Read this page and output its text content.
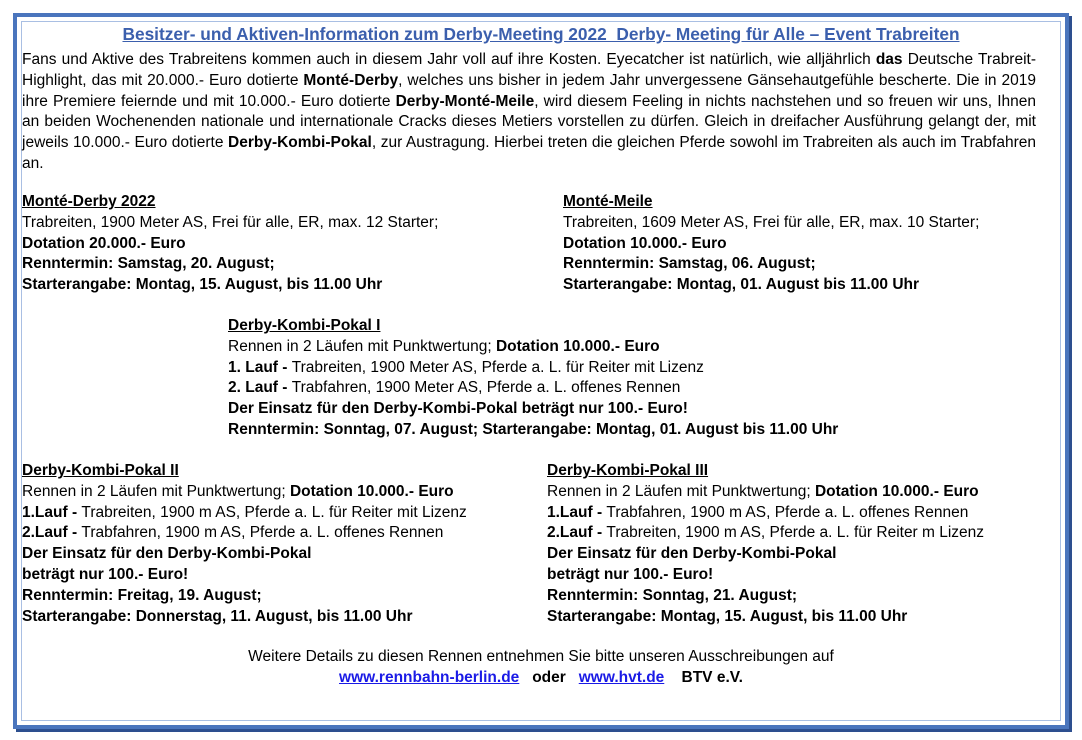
Besitzer- und Aktiven-Information zum Derby-Meeting 2022  Derby- Meeting für Alle – Event Trabreiten
Fans und Aktive des Trabreitens kommen auch in diesem Jahr voll auf ihre Kosten. Eyecatcher ist natürlich, wie alljährlich das Deutsche Trabreit-Highlight, das mit 20.000.- Euro dotierte Monté-Derby, welches uns bisher in jedem Jahr unvergessene Gänsehautgefühle bescherte. Die in 2019 ihre Premiere feiernde und mit 10.000.- Euro dotierte Derby-Monté-Meile, wird diesem Feeling in nichts nachstehen und so freuen wir uns, Ihnen an beiden Wochenenden nationale und internationale Cracks dieses Metiers vorstellen zu dürfen. Gleich in dreifacher Ausführung gelangt der, mit jeweils 10.000.- Euro dotierte Derby-Kombi-Pokal, zur Austragung. Hierbei treten die gleichen Pferde sowohl im Trabreiten als auch im Trabfahren an.
Monté-Derby 2022
Trabreiten, 1900 Meter AS, Frei für alle, ER, max. 12 Starter;
Dotation 20.000.- Euro
Renntermin: Samstag, 20. August;
Starterangabe: Montag, 15. August, bis 11.00 Uhr
Monté-Meile
Trabreiten, 1609 Meter AS, Frei für alle, ER, max. 10 Starter;
Dotation 10.000.- Euro
Renntermin: Samstag, 06. August;
Starterangabe: Montag, 01. August bis 11.00 Uhr
Derby-Kombi-Pokal I
Rennen in 2 Läufen mit Punktwertung; Dotation 10.000.- Euro
1. Lauf - Trabreiten, 1900 Meter AS, Pferde a. L. für Reiter mit Lizenz
2. Lauf - Trabfahren, 1900 Meter AS, Pferde a. L. offenes Rennen
Der Einsatz für den Derby-Kombi-Pokal beträgt nur 100.- Euro!
Renntermin: Sonntag, 07. August; Starterangabe: Montag, 01. August bis 11.00 Uhr
Derby-Kombi-Pokal II
Rennen in 2 Läufen mit Punktwertung; Dotation 10.000.- Euro
1.Lauf - Trabreiten, 1900 m AS, Pferde a. L. für Reiter mit Lizenz
2.Lauf - Trabfahren, 1900 m AS, Pferde a. L. offenes Rennen
Der Einsatz für den Derby-Kombi-Pokal
beträgt nur 100.- Euro!
Renntermin: Freitag, 19. August;
Starterangabe: Donnerstag, 11. August, bis 11.00 Uhr
Derby-Kombi-Pokal III
Rennen in 2 Läufen mit Punktwertung; Dotation 10.000.- Euro
1.Lauf - Trabfahren, 1900 m AS, Pferde a. L. offenes Rennen
2.Lauf - Trabreiten, 1900 m AS, Pferde a. L. für Reiter m Lizenz
Der Einsatz für den Derby-Kombi-Pokal
beträgt nur 100.- Euro!
Renntermin: Sonntag, 21. August;
Starterangabe: Montag, 15. August, bis 11.00 Uhr
Weitere Details zu diesen Rennen entnehmen Sie bitte unseren Ausschreibungen auf
www.rennbahn-berlin.de oder www.hvt.de BTV e.V.
